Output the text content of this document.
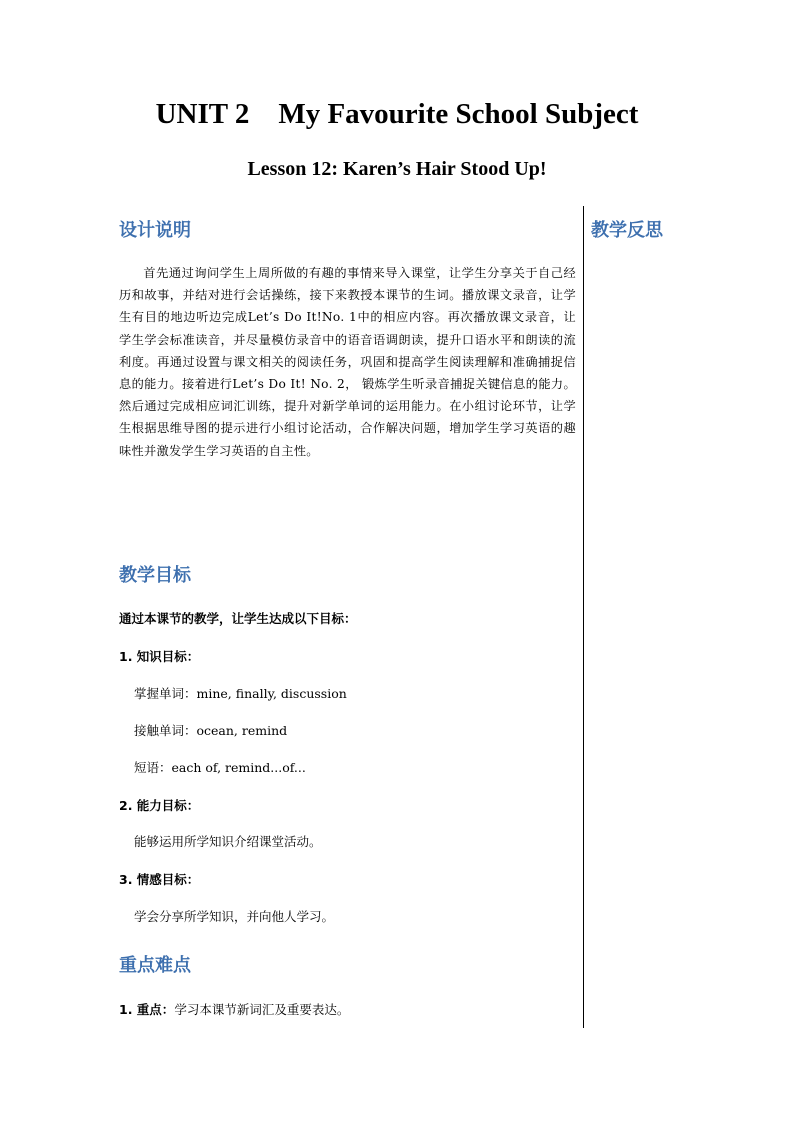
UNIT 2    My Favourite School Subject
Lesson 12: Karen’s Hair Stood Up!
设计说明	教学反思

首先通过询问学生上周所做的有趣的事情来导入课堂，让学生分享关于自己经历和故事，并结对进行会话操练，接下来教授本课节的生词。播放课文录音，让学生有目的地边听边完成Let’s Do It!No. 1中的相应内容。再次播放课文录音，让学生学会标准读音，并尽量模仿录音中的语音语调朗读，提升口语水平和朗读的流利度。再通过设置与课文相关的阅读任务，巩固和提高学生阅读理解和准确捕捉信息的能力。接着进行Let’s Do It! No. 2， 锻炼学生听录音捕捉关键信息的能力。然后通过完成相应词汇训练，提升对新学单词的运用能力。在小组讨论环节，让学生根据思维导图的提示进行小组讨论活动，合作解决问题，增加学生学习英语的趣味性并激发学生学习英语的自主性。

教学目标

通过本课节的教学，让学生达成以下目标：

1. 知识目标：

掌握单词：mine, finally, discussion

接触单词：ocean, remind

短语：each of, remind...of...

2. 能力目标：

能够运用所学知识介绍课堂活动。

3. 情感目标：

学会分享所学知识，并向他人学习。

重点难点

1. 重点：学习本课节新词汇及重要表达。
